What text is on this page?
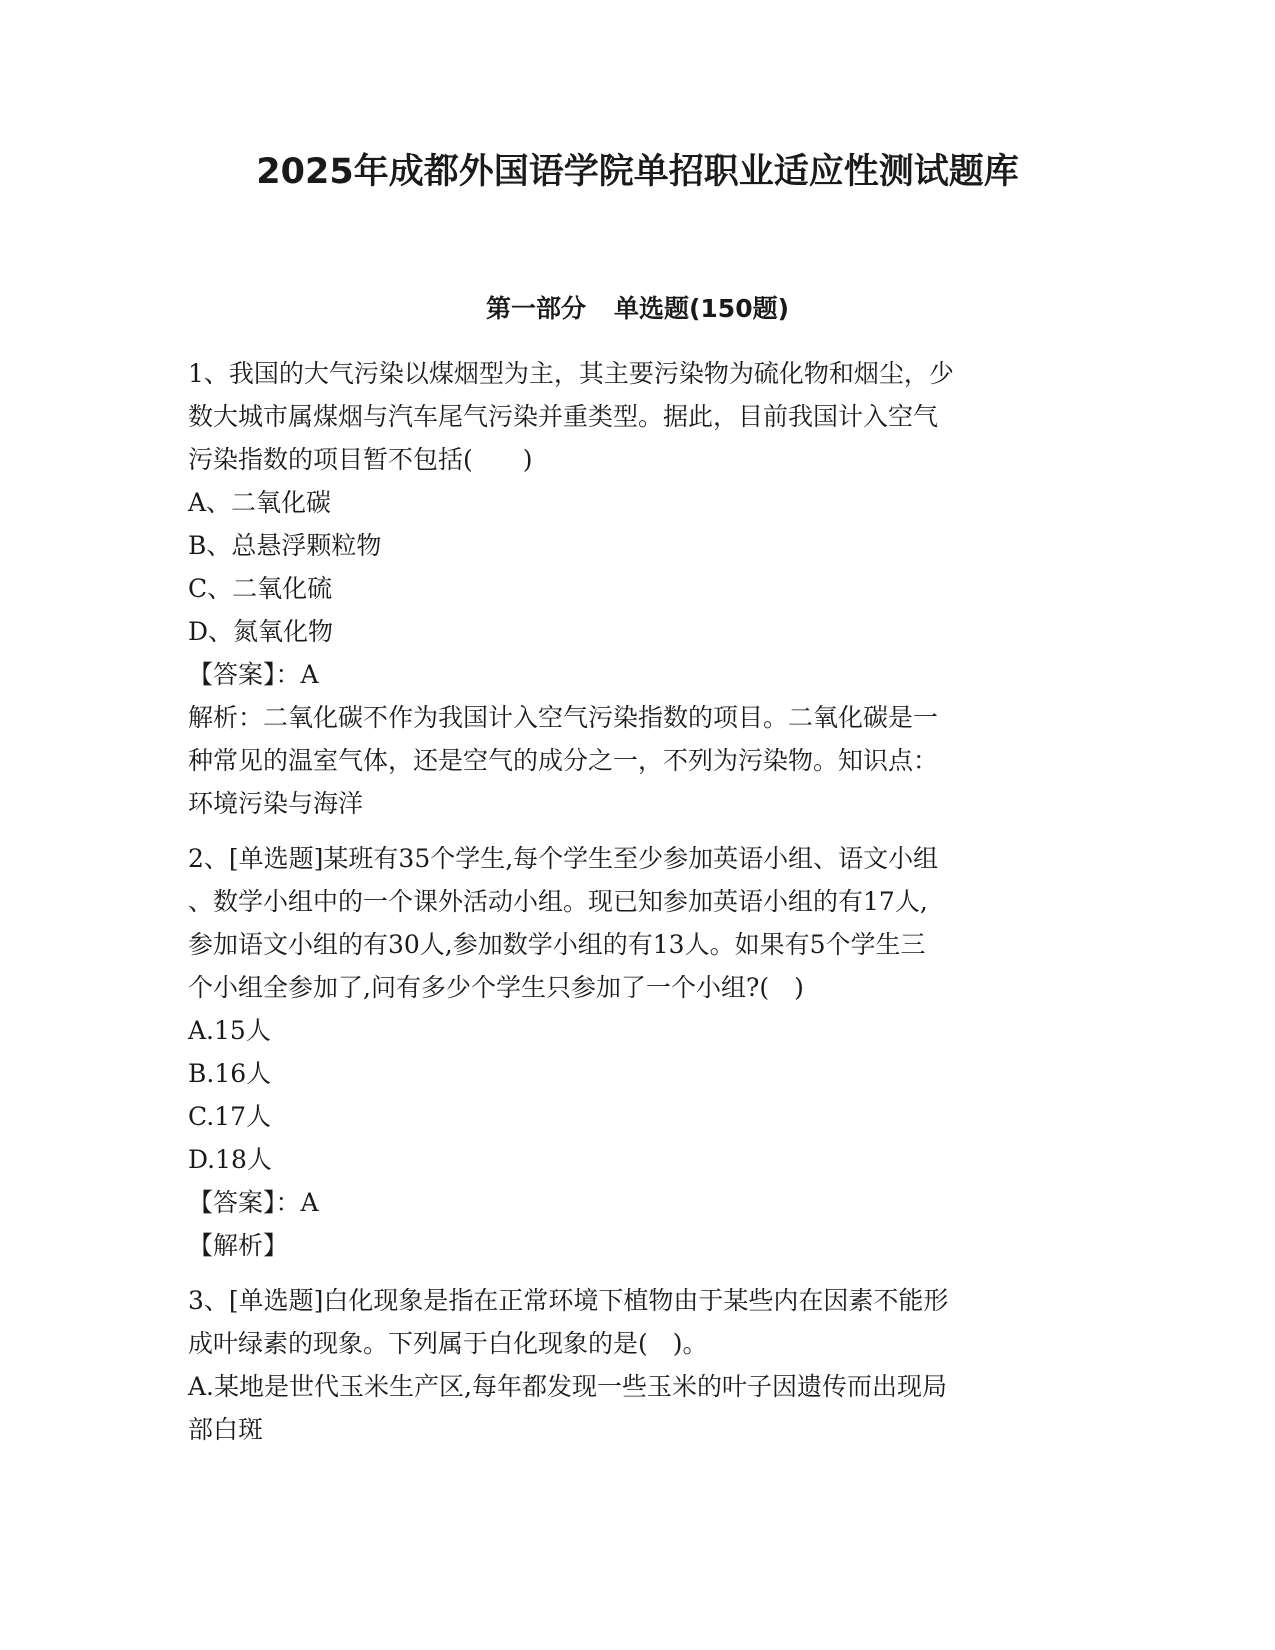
2025年成都外国语学院单招职业适应性测试题库
第一部分 单选题(150题)

1、我国的大气污染以煤烟型为主，其主要污染物为硫化物和烟尘，少

数大城市属煤烟与汽车尾气污染并重类型。据此，目前我国计入空气

污染指数的项目暂不包括(　　)

A、二氧化碳

B、总悬浮颗粒物

C、二氧化硫

D、氮氧化物

【答案】：A

解析：二氧化碳不作为我国计入空气污染指数的项目。二氧化碳是一

种常见的温室气体，还是空气的成分之一，不列为污染物。知识点：

环境污染与海洋

2、[单选题]某班有35个学生,每个学生至少参加英语小组、语文小组

、数学小组中的一个课外活动小组。现已知参加英语小组的有17人,

参加语文小组的有30人,参加数学小组的有13人。如果有5个学生三

个小组全参加了,问有多少个学生只参加了一个小组?(　)

A.15人

B.16人

C.17人

D.18人

【答案】：A

【解析】

3、[单选题]白化现象是指在正常环境下植物由于某些内在因素不能形

成叶绿素的现象。下列属于白化现象的是(　)。

A.某地是世代玉米生产区,每年都发现一些玉米的叶子因遗传而出现局

部白斑
